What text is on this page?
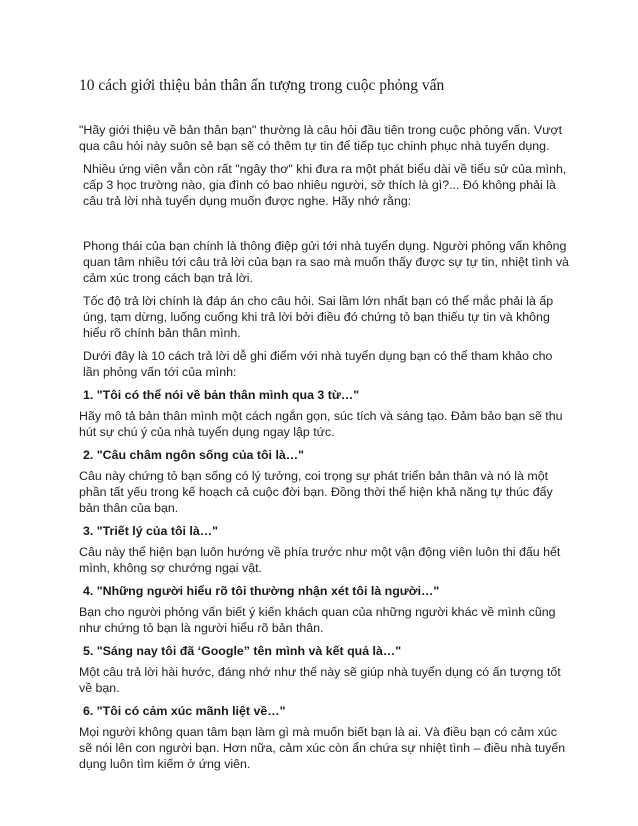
10 cách giới thiệu bản thân ấn tượng trong cuộc phỏng vấn

"Hãy giới thiệu về bản thân bạn" thường là câu hỏi đầu tiên trong cuộc phỏng vấn. Vượt qua câu hỏi này suôn sẻ bạn sẽ có thêm tự tin để tiếp tục chinh phục nhà tuyển dụng.

Nhiều ứng viên vẫn còn rất "ngây thơ" khi đưa ra một phát biểu dài về tiểu sử của mình, cấp 3 học trường nào, gia đình có bao nhiêu người, sở thích là gì?... Đó không phải là câu trả lời nhà tuyển dụng muốn được nghe. Hãy nhớ rằng:

Phong thái của bạn chính là thông điệp gửi tới nhà tuyển dụng. Người phỏng vấn không quan tâm nhiều tới câu trả lời của bạn ra sao mà muốn thấy được sự tự tin, nhiệt tình và cảm xúc trong cách bạn trả lời.

Tốc độ trả lời chính là đáp án cho câu hỏi. Sai lầm lớn nhất bạn có thể mắc phải là ấp úng, tạm dừng, luống cuống khi trả lời bởi điều đó chứng tỏ bạn thiếu tự tin và không hiểu rõ chính bản thân mình.

Dưới đây là 10 cách trả lời dễ ghi điểm với nhà tuyển dụng bạn có thể tham khảo cho lần phỏng vấn tới của mình:

1. "Tôi có thể nói về bản thân mình qua 3 từ…"

Hãy mô tả bản thân mình một cách ngắn gọn, súc tích và sáng tạo. Đảm bảo bạn sẽ thu hút sự chú ý của nhà tuyển dụng ngay lập tức.

2. "Câu châm ngôn sống của tôi là…"

Câu này chứng tỏ bạn sống có lý tưởng, coi trọng sự phát triển bản thân và nó là một phần tất yếu trong kế hoạch cả cuộc đời bạn. Đồng thời thể hiện khả năng tự thúc đẩy bản thân của bạn.

3. "Triết lý của tôi là…"

Câu này thể hiện bạn luôn hướng về phía trước như một vận động viên luôn thi đấu hết mình, không sợ chướng ngại vật.

4. "Những người hiểu rõ tôi thường nhận xét tôi là người…"

Bạn cho người phỏng vấn biết ý kiến khách quan của những người khác về mình cũng như chứng tỏ bạn là người hiểu rõ bản thân.

5. "Sáng nay tôi đã ‘Google” tên mình và kết quả là…"

Một câu trả lời hài hước, đáng nhớ như thế này sẽ giúp nhà tuyển dụng có ấn tượng tốt về bạn.

6. "Tôi có cảm xúc mãnh liệt về…"

Mọi người không quan tâm bạn làm gì mà muốn biết bạn là ai. Và điều bạn có cảm xúc sẽ nói lên con người bạn. Hơn nữa, cảm xúc còn ẩn chứa sự nhiệt tình – điều nhà tuyển dụng luôn tìm kiếm ở ứng viên.
